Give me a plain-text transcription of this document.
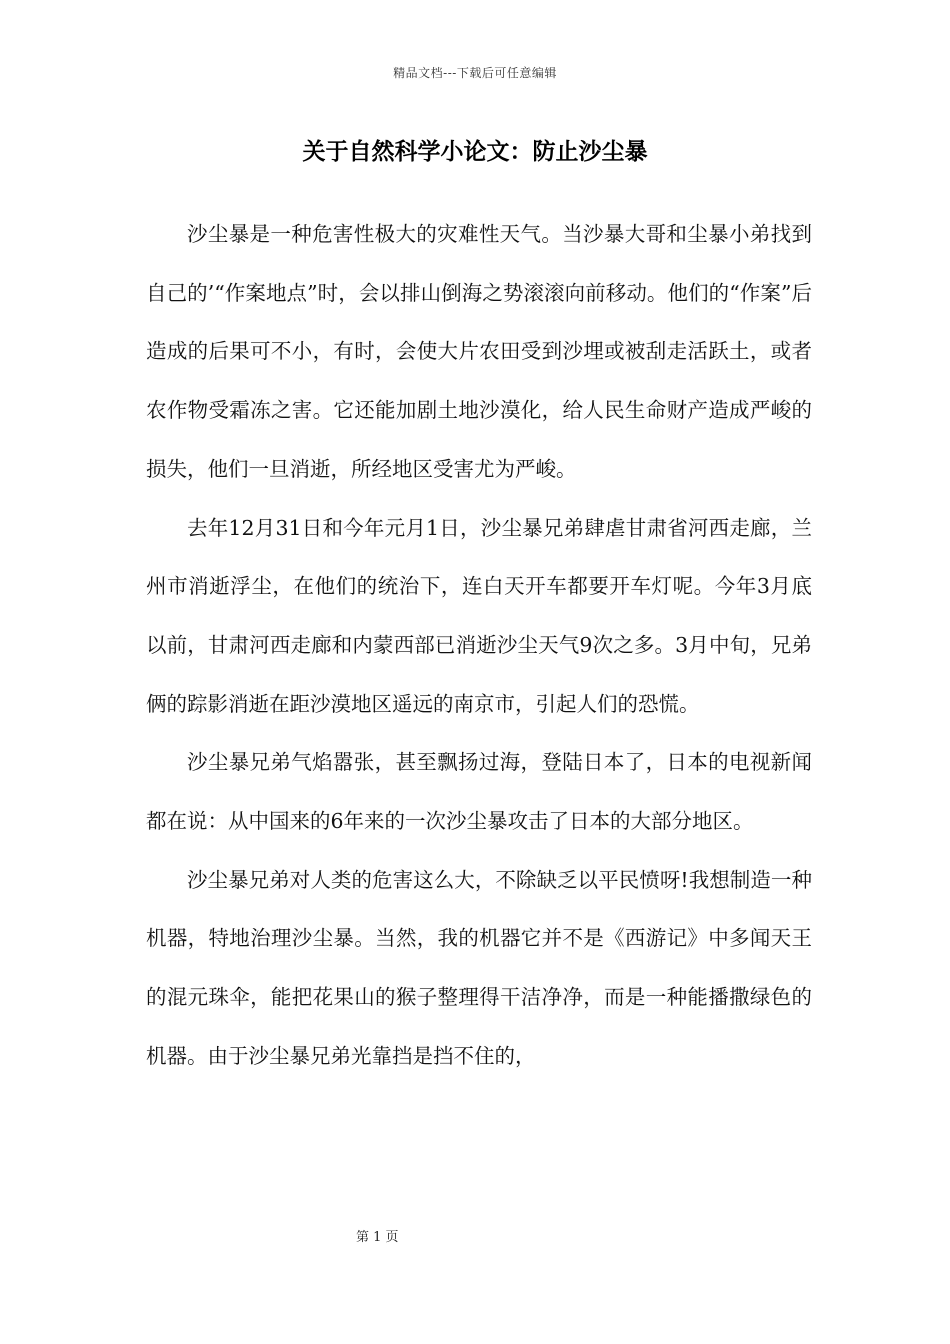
精品文档---下载后可任意编辑
关于自然科学小论文：防止沙尘暴

沙尘暴是一种危害性极大的灾难性天气。当沙暴大哥和尘暴小弟找到自己的’“作案地点”时，会以排山倒海之势滚滚向前移动。他们的“作案”后造成的后果可不小，有时，会使大片农田受到沙埋或被刮走活跃土，或者农作物受霜冻之害。它还能加剧土地沙漠化，给人民生命财产造成严峻的损失，他们一旦消逝，所经地区受害尤为严峻。

去年12月31日和今年元月1日，沙尘暴兄弟肆虐甘肃省河西走廊，兰州市消逝浮尘，在他们的统治下，连白天开车都要开车灯呢。今年3月底以前，甘肃河西走廊和内蒙西部已消逝沙尘天气9次之多。3月中旬，兄弟俩的踪影消逝在距沙漠地区遥远的南京市，引起人们的恐慌。

沙尘暴兄弟气焰嚣张，甚至飘扬过海，登陆日本了，日本的电视新闻都在说：从中国来的6年来的一次沙尘暴攻击了日本的大部分地区。

沙尘暴兄弟对人类的危害这么大，不除缺乏以平民愤呀!我想制造一种机器，特地治理沙尘暴。当然，我的机器它并不是《西游记》中多闻天王的混元珠伞，能把花果山的猴子整理得干洁净净，而是一种能播撒绿色的机器。由于沙尘暴兄弟光靠挡是挡不住的，

第 1 页
